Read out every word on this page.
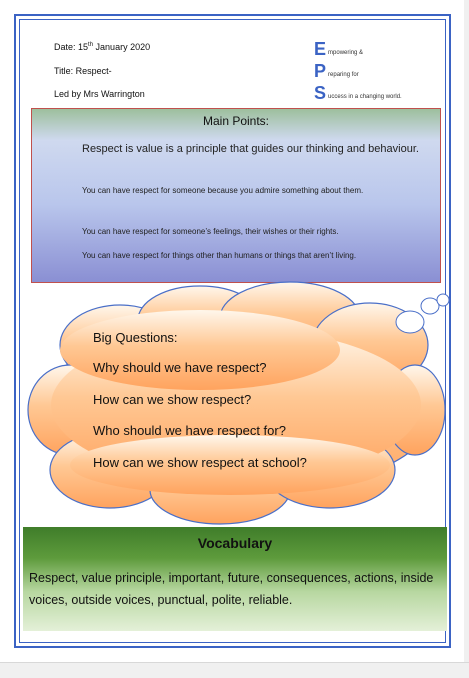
Date: 15th January 2020
Title: Respect-
Led by Mrs Warrington
E mpowering &
P reparing for
S uccess in a changing world.
Main Points:
Respect is value is a principle that guides our thinking and behaviour.
You can have respect for someone because you admire something about them.
You can have respect for someone’s feelings, their wishes or their rights.
You can have respect for things other than humans or things that aren’t living.
Big Questions:
Why should we have respect?
How can we show respect?
Who should we have respect for?
How can we show respect at school?
Vocabulary
Respect, value principle, important, future, consequences, actions, inside voices, outside voices, punctual, polite, reliable.
